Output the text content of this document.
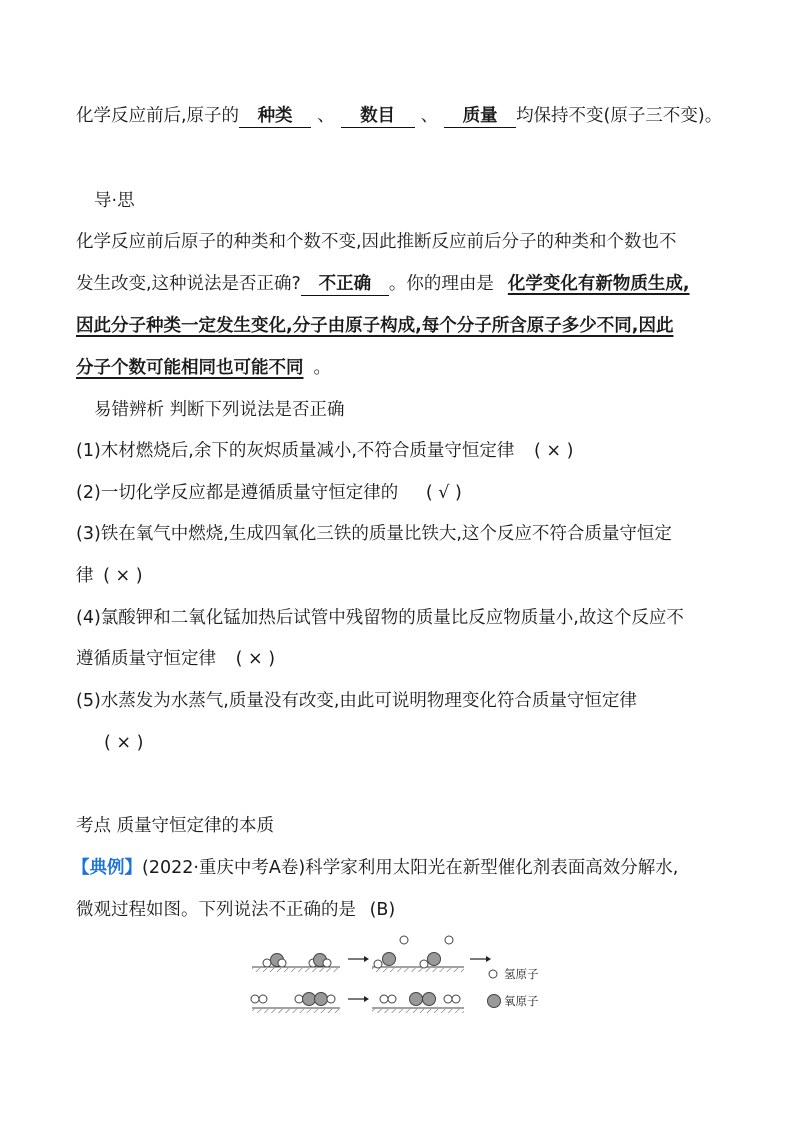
化学反应前后,原子的 种类 、 数目 、 质量 均保持不变(原子三不变)。
导·思
化学反应前后原子的种类和个数不变,因此推断反应前后分子的种类和个数也不
发生改变,这种说法是否正确? 不正确 。你的理由是 化学变化有新物质生成,
因此分子种类一定发生变化,分子由原子构成,每个分子所含原子多少不同,因此
分子个数可能相同也可能不同 。
易错辨析 判断下列说法是否正确
(1)木材燃烧后,余下的灰烬质量减小,不符合质量守恒定律 ( × )
(2)一切化学反应都是遵循质量守恒定律的 ( √ )
(3)铁在氧气中燃烧,生成四氧化三铁的质量比铁大,这个反应不符合质量守恒定
律 ( × )
(4)氯酸钾和二氧化锰加热后试管中残留物的质量比反应物质量小,故这个反应不
遵循质量守恒定律 ( × )
(5)水蒸发为水蒸气,质量没有改变,由此可说明物理变化符合质量守恒定律
( × )
考点 质量守恒定律的本质
【典例】(2022·重庆中考A卷)科学家利用太阳光在新型催化剂表面高效分解水,
微观过程如图。下列说法不正确的是 (B)
氢原子
氧原子
